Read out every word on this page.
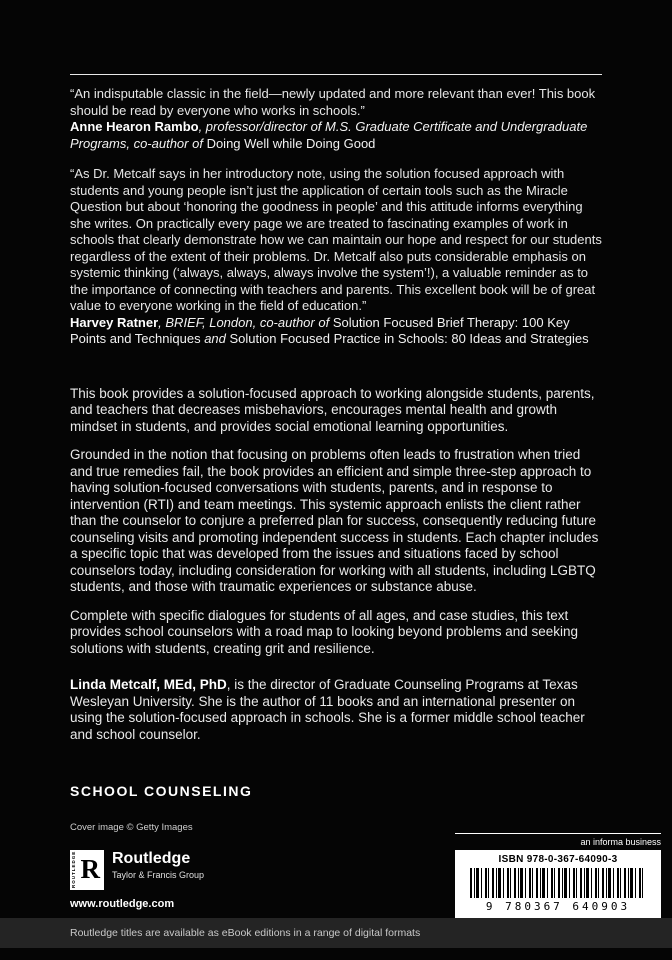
“An indisputable classic in the field—newly updated and more relevant than ever! This book should be read by everyone who works in schools.”

Anne Hearon Rambo, professor/director of M.S. Graduate Certificate and Undergraduate Programs, co-author of Doing Well while Doing Good

“As Dr. Metcalf says in her introductory note, using the solution focused approach with students and young people isn’t just the application of certain tools such as the Miracle Question but about ‘honoring the goodness in people’ and this attitude informs everything she writes. On practically every page we are treated to fascinating examples of work in schools that clearly demonstrate how we can maintain our hope and respect for our students regardless of the extent of their problems. Dr. Metcalf also puts considerable emphasis on systemic thinking (‘always, always, always involve the system’!), a valuable reminder as to the importance of connecting with teachers and parents. This excellent book will be of great value to everyone working in the field of education.”

Harvey Ratner, BRIEF, London, co-author of Solution Focused Brief Therapy: 100 Key Points and Techniques and Solution Focused Practice in Schools: 80 Ideas and Strategies

This book provides a solution-focused approach to working alongside students, parents, and teachers that decreases misbehaviors, encourages mental health and growth mindset in students, and provides social emotional learning opportunities.

Grounded in the notion that focusing on problems often leads to frustration when tried and true remedies fail, the book provides an efficient and simple three-step approach to having solution-focused conversations with students, parents, and in response to intervention (RTI) and team meetings. This systemic approach enlists the client rather than the counselor to conjure a preferred plan for success, consequently reducing future counseling visits and promoting independent success in students. Each chapter includes a specific topic that was developed from the issues and situations faced by school counselors today, including consideration for working with all students, including LGBTQ students, and those with traumatic experiences or substance abuse.

Complete with specific dialogues for students of all ages, and case studies, this text provides school counselors with a road map to looking beyond problems and seeking solutions with students, creating grit and resilience.

Linda Metcalf, MEd, PhD, is the director of Graduate Counseling Programs at Texas Wesleyan University. She is the author of 11 books and an international presenter on using the solution-focused approach in schools. She is a former middle school teacher and school counselor.

SCHOOL COUNSELING
Cover image © Getty Images
ROUTLEDGE R Routledge
Taylor & Francis Group
www.routledge.com
an informa business
ISBN 978-0-367-64090-3
9 780367 640903
Routledge titles are available as eBook editions in a range of digital formats
